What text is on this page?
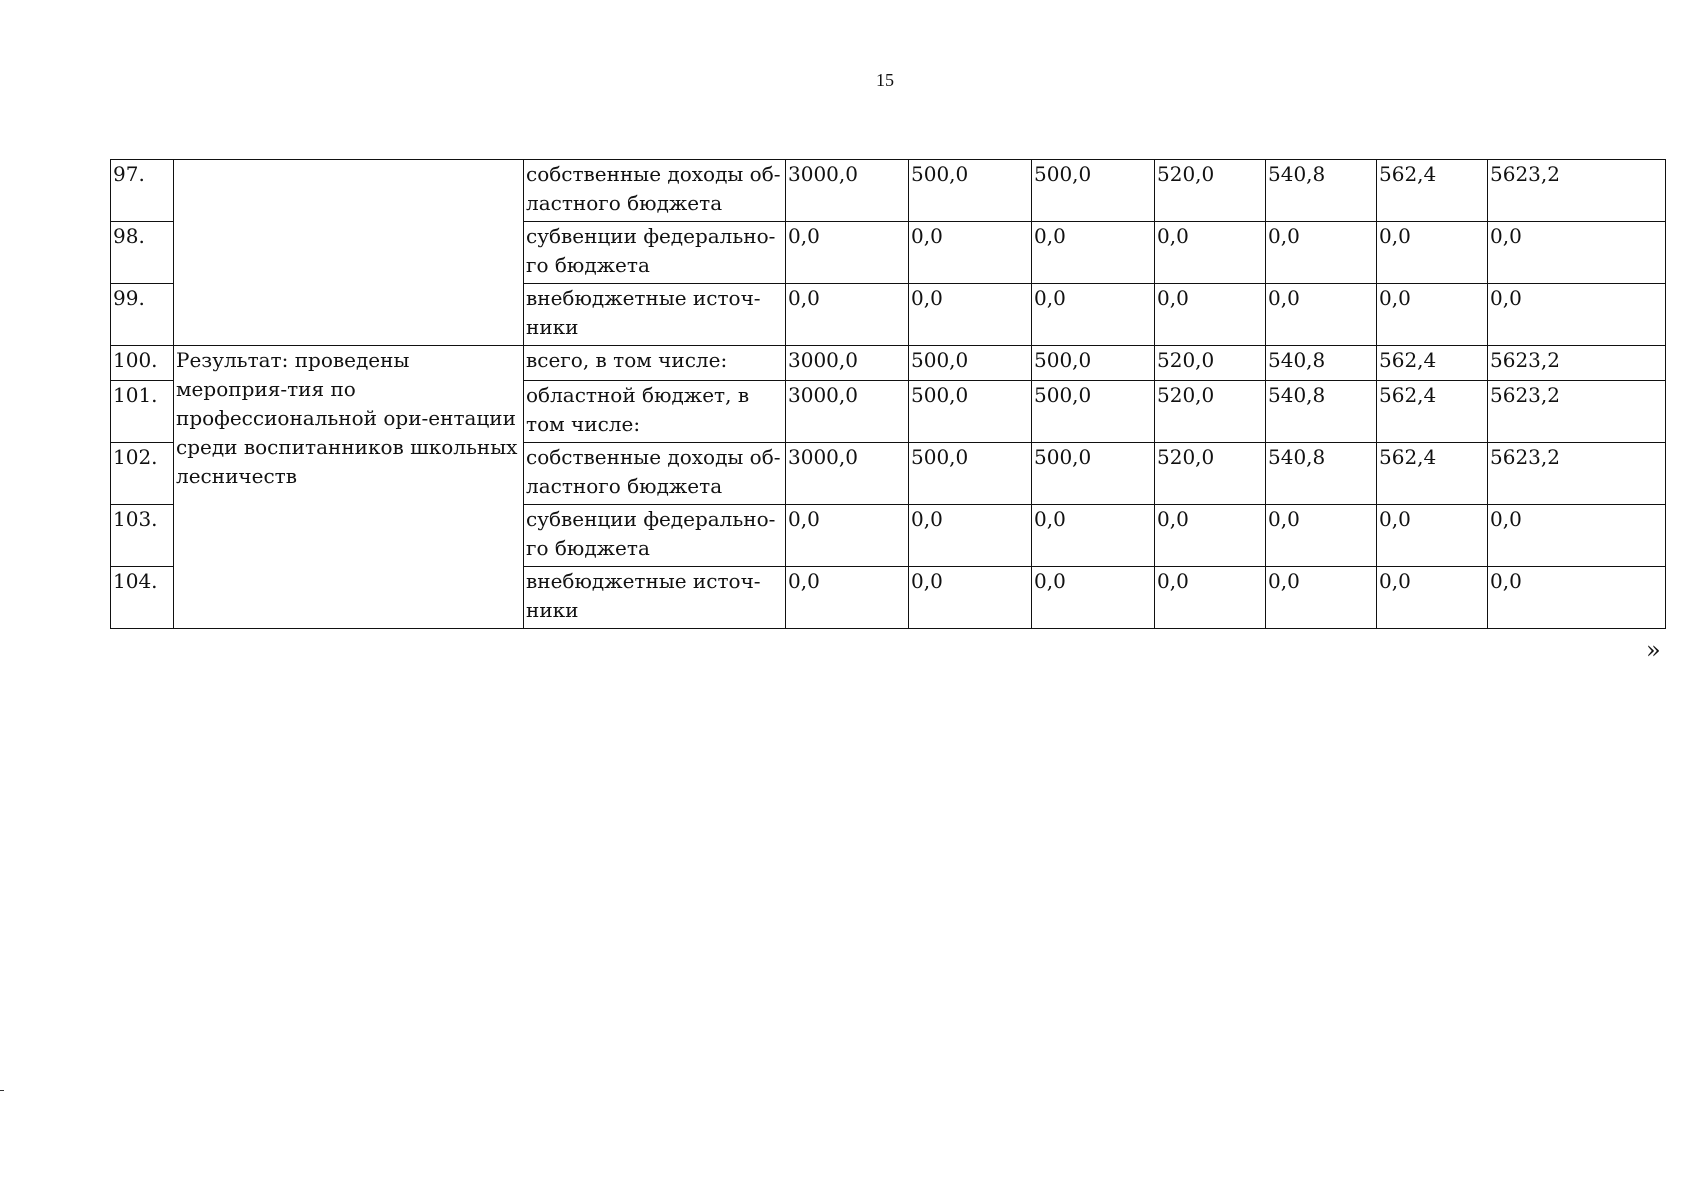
15
97.		собственные доходы об-ластного бюджета	3000,0	500,0	500,0	520,0	540,8	562,4	5623,2
98.		субвенции федерально-го бюджета	0,0	0,0	0,0	0,0	0,0	0,0	0,0
99.		внебюджетные источ-ники	0,0	0,0	0,0	0,0	0,0	0,0	0,0
100.	Результат: проведены мероприя-тия по профессиональной ори-ентации среди воспитанников школьных лесничеств	всего, в том числе:	3000,0	500,0	500,0	520,0	540,8	562,4	5623,2
101.		областной бюджет, в том числе:	3000,0	500,0	500,0	520,0	540,8	562,4	5623,2
102.		собственные доходы об-ластного бюджета	3000,0	500,0	500,0	520,0	540,8	562,4	5623,2
103.		субвенции федерально-го бюджета	0,0	0,0	0,0	0,0	0,0	0,0	0,0
104.		внебюджетные источ-ники	0,0	0,0	0,0	0,0	0,0	0,0	0,0
»
